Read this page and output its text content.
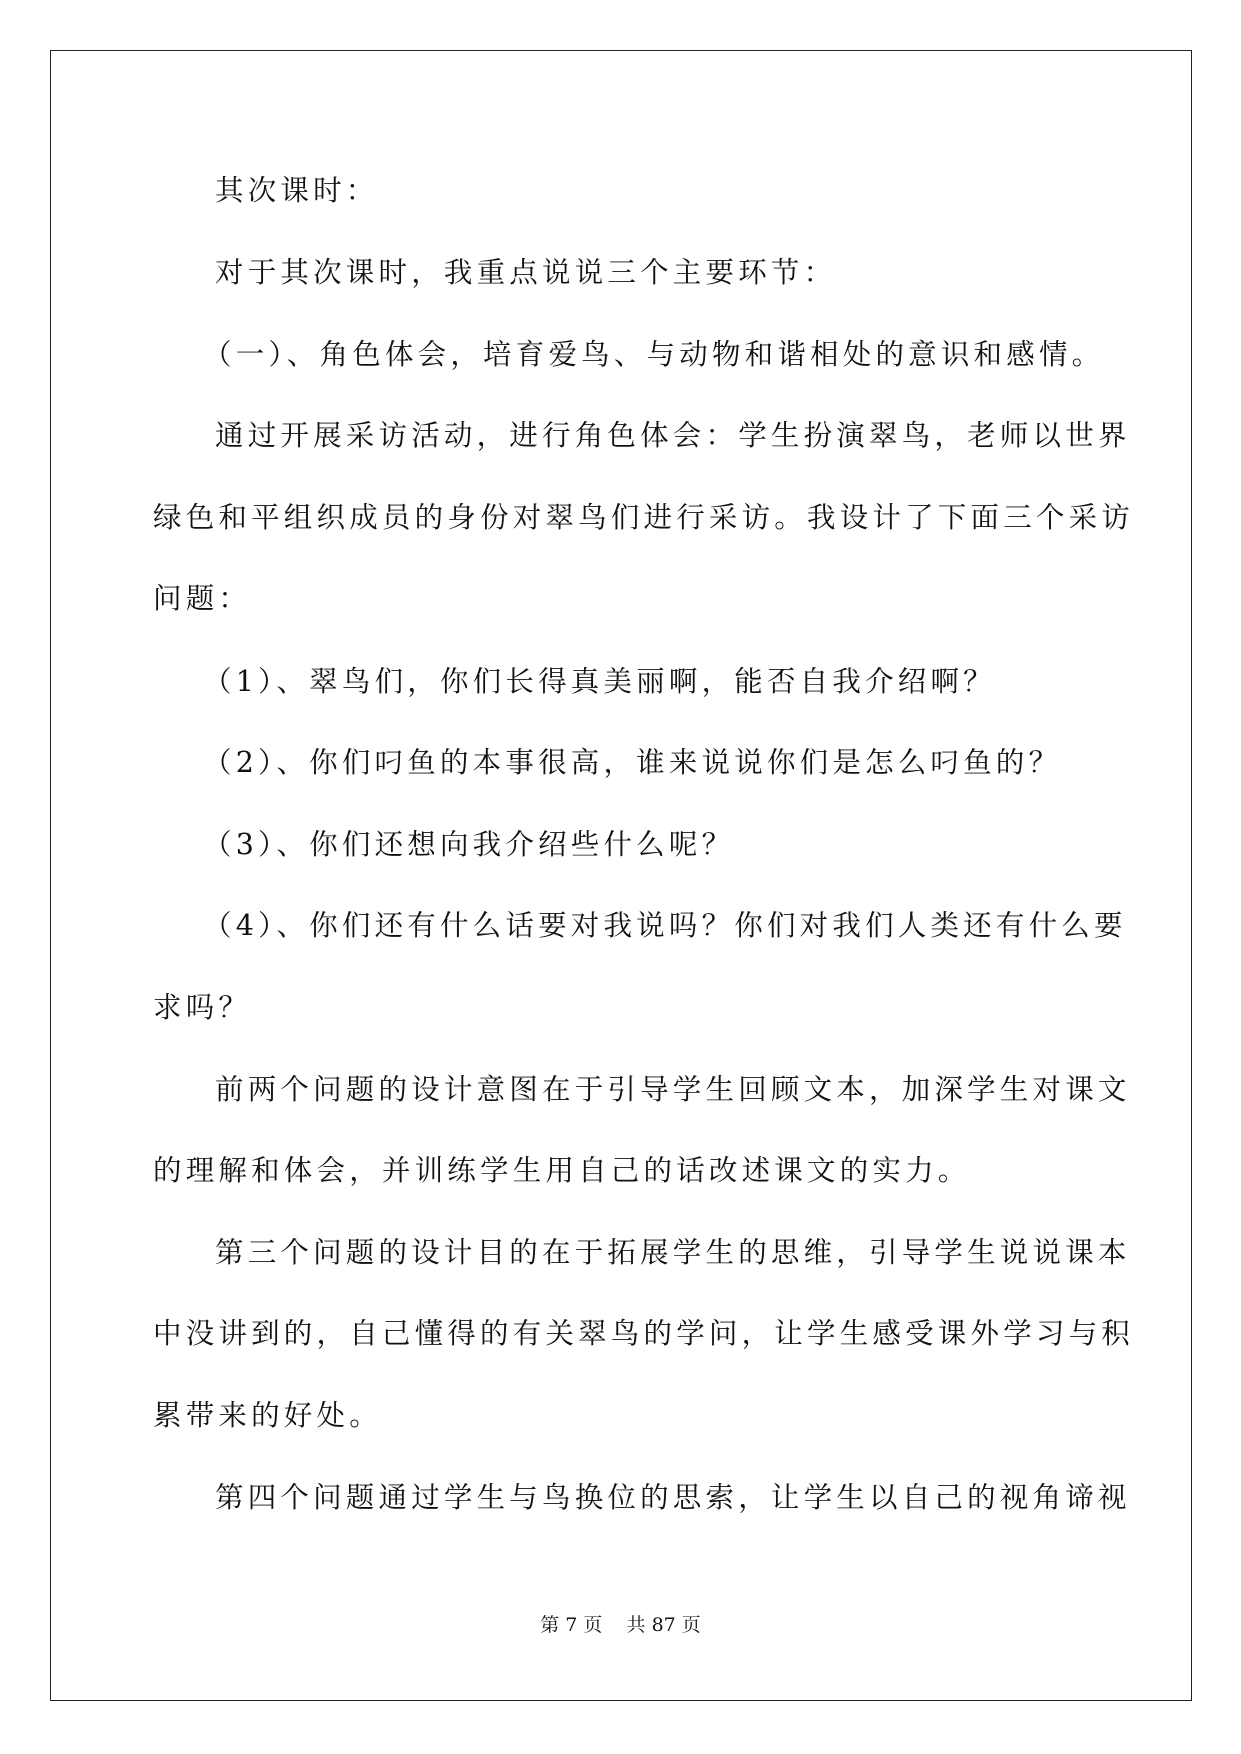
其次课时：
对于其次课时，我重点说说三个主要环节：
（一）、角色体会，培育爱鸟、与动物和谐相处的意识和感情。
通过开展采访活动，进行角色体会：学生扮演翠鸟，老师以世界
绿色和平组织成员的身份对翠鸟们进行采访。我设计了下面三个采访
问题：
（1）、翠鸟们，你们长得真美丽啊，能否自我介绍啊？
（2）、你们叼鱼的本事很高，谁来说说你们是怎么叼鱼的？
（3）、你们还想向我介绍些什么呢？
（4）、你们还有什么话要对我说吗？你们对我们人类还有什么要
求吗？
前两个问题的设计意图在于引导学生回顾文本，加深学生对课文
的理解和体会，并训练学生用自己的话改述课文的实力。
第三个问题的设计目的在于拓展学生的思维，引导学生说说课本
中没讲到的，自己懂得的有关翠鸟的学问，让学生感受课外学习与积
累带来的好处。
第四个问题通过学生与鸟换位的思索，让学生以自己的视角谛视
第 7 页 共 87 页
